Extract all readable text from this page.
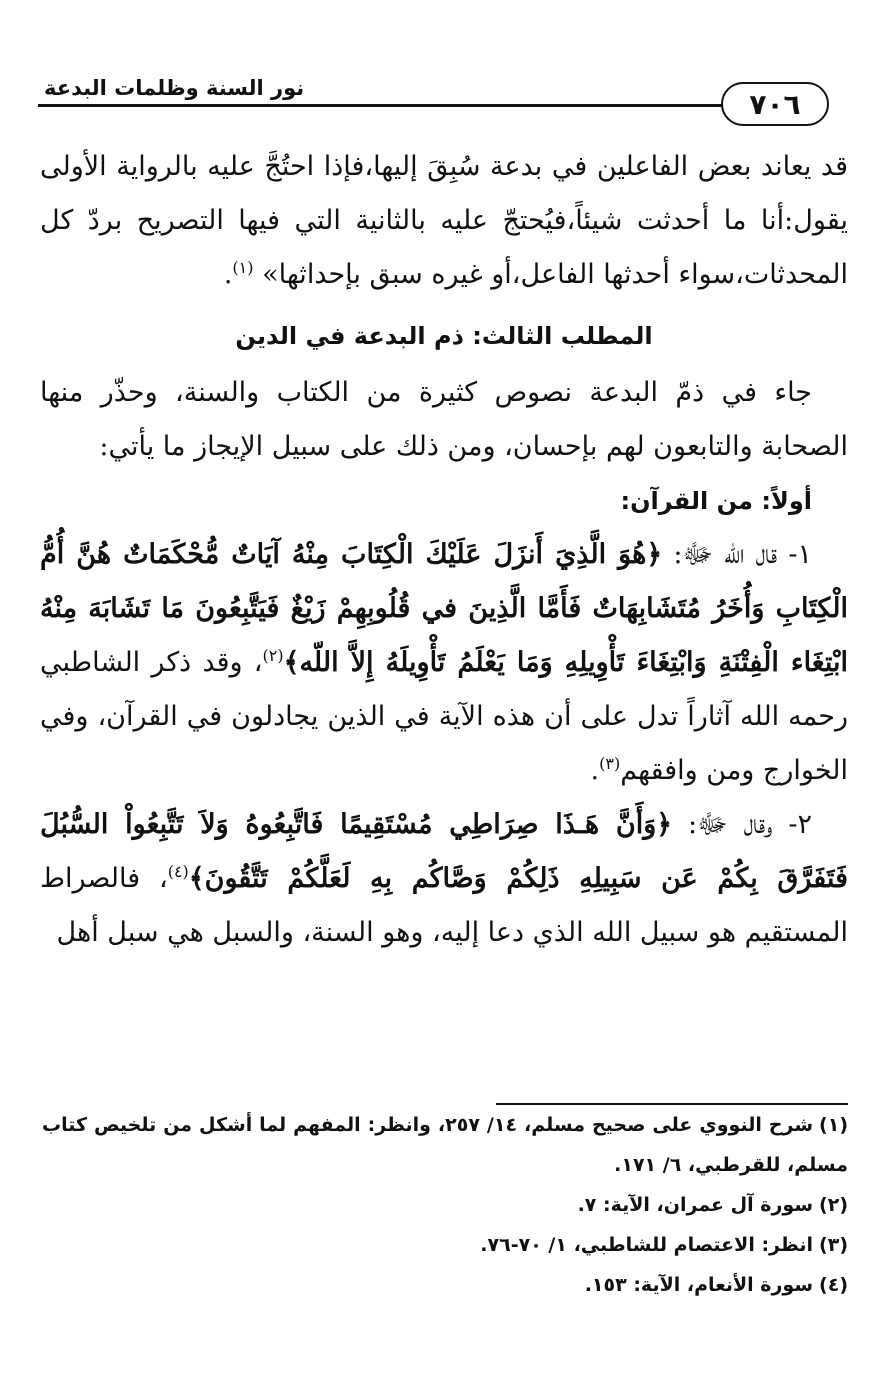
نور السنة وظلمات البدعة	٧٠٦

قد يعاند بعض الفاعلين في بدعة سُبِقَ إليها،فإذا احتُجَّ عليه بالرواية الأولى يقول:أنا ما أحدثت شيئاً،فيُحتجّ عليه بالثانية التي فيها التصريح بردّ كل المحدثات،سواء أحدثها الفاعل،أو غيره سبق بإحداثها» $^{(١)}$.

المطلب الثالث: ذم البدعة في الدين

جاء في ذمّ البدعة نصوص كثيرة من الكتاب والسنة، وحذّر منها الصحابة والتابعون لهم بإحسان، ومن ذلك على سبيل الإيجاز ما يأتي:

أولاً: من القرآن:

١- قال الله ﷻ: ﴿هُوَ الَّذِيَ أَنزَلَ عَلَيْكَ الْكِتَابَ مِنْهُ آيَاتٌ مُّحْكَمَاتٌ هُنَّ أُمُّ الْكِتَابِ وَأُخَرُ مُتَشَابِهَاتٌ فَأَمَّا الَّذِينَ في قُلُوبِهِمْ زَيْغٌ فَيَتَّبِعُونَ مَا تَشَابَهَ مِنْهُ ابْتِغَاء الْفِتْنَةِ وَابْتِغَاءَ تَأْوِيلِهِ وَمَا يَعْلَمُ تَأْوِيلَهُ إِلاَّ اللّه﴾$^{(٢)}$، وقد ذكر الشاطبي رحمه الله آثاراً تدل على أن هذه الآية في الذين يجادلون في القرآن، وفي الخوارج ومن وافقهم$^{(٣)}$.

٢- وقال ﷻ: ﴿وَأَنَّ هَـذَا صِرَاطِي مُسْتَقِيمًا فَاتَّبِعُوهُ وَلاَ تَتَّبِعُواْ السُّبُلَ فَتَفَرَّقَ بِكُمْ عَن سَبِيلِهِ ذَلِكُمْ وَصَّاكُم بِهِ لَعَلَّكُمْ تَتَّقُونَ﴾$^{(٤)}$، فالصراط المستقيم هو سبيل الله الذي دعا إليه، وهو السنة، والسبل هي سبل أهل

(١)شرح النووي على صحيح مسلم، ١٤/ ٢٥٧، وانظر: المفهم لما أشكل من تلخيص كتاب مسلم، للقرطبي، ٦/ ١٧١.

(٢)سورة آل عمران، الآية: ٧.

(٣)انظر: الاعتصام للشاطبي، ١/ ٧٠-٧٦.

(٤)سورة الأنعام، الآية: ١٥٣.
